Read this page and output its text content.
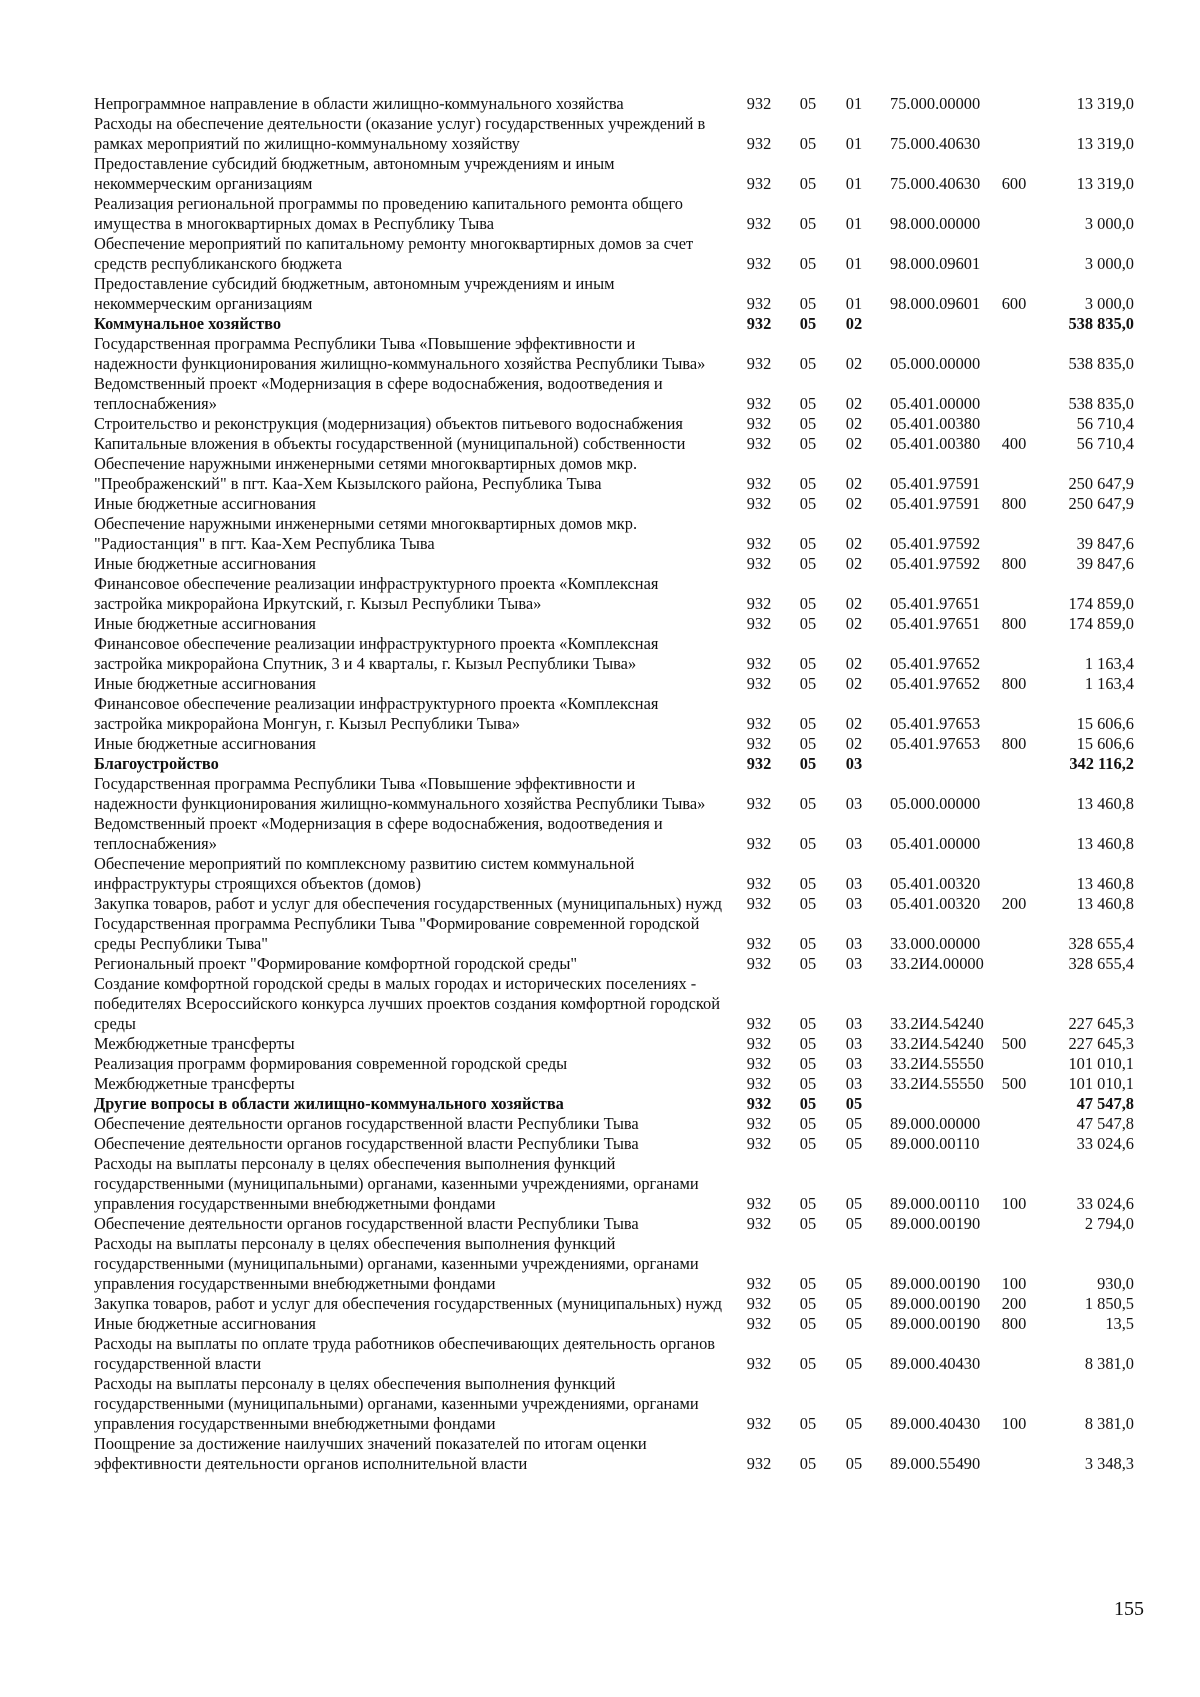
Непрограммное направление в области жилищно-коммунального хозяйства	932	05	01	75.000.00000		13 319,0
Расходы на обеспечение деятельности (оказание услуг) государственных учреждений в рамках мероприятий по жилищно-коммунальному хозяйству	932	05	01	75.000.40630		13 319,0
Предоставление субсидий бюджетным, автономным учреждениям и иным некоммерческим организациям	932	05	01	75.000.40630	600	13 319,0
Реализация региональной программы по проведению капитального ремонта общего имущества в многоквартирных домах в Республику Тыва	932	05	01	98.000.00000		3 000,0
Обеспечение мероприятий по капитальному ремонту многоквартирных домов за счет средств республиканского бюджета	932	05	01	98.000.09601		3 000,0
Предоставление субсидий бюджетным, автономным учреждениям и иным некоммерческим организациям	932	05	01	98.000.09601	600	3 000,0
Коммунальное хозяйство	932	05	02			538 835,0
Государственная программа Республики Тыва «Повышение эффективности и надежности функционирования жилищно-коммунального хозяйства Республики Тыва»	932	05	02	05.000.00000		538 835,0
Ведомственный проект «Модернизация в сфере водоснабжения, водоотведения и теплоснабжения»	932	05	02	05.401.00000		538 835,0
Строительство и реконструкция (модернизация) объектов питьевого водоснабжения	932	05	02	05.401.00380		56 710,4
Капитальные вложения в объекты государственной (муниципальной) собственности	932	05	02	05.401.00380	400	56 710,4
Обеспечение наружными инженерными сетями многоквартирных домов мкр. "Преображенский" в пгт. Каа-Хем Кызылского района, Республика Тыва	932	05	02	05.401.97591		250 647,9
Иные бюджетные ассигнования	932	05	02	05.401.97591	800	250 647,9
Обеспечение наружными инженерными сетями многоквартирных домов мкр. "Радиостанция" в пгт. Каа-Хем Республика Тыва	932	05	02	05.401.97592		39 847,6
Иные бюджетные ассигнования	932	05	02	05.401.97592	800	39 847,6
Финансовое обеспечение реализации инфраструктурного проекта «Комплексная застройка микрорайона Иркутский, г. Кызыл Республики Тыва»	932	05	02	05.401.97651		174 859,0
Иные бюджетные ассигнования	932	05	02	05.401.97651	800	174 859,0
Финансовое обеспечение реализации инфраструктурного проекта «Комплексная застройка микрорайона Спутник, 3 и 4 кварталы, г. Кызыл Республики Тыва»	932	05	02	05.401.97652		1 163,4
Иные бюджетные ассигнования	932	05	02	05.401.97652	800	1 163,4
Финансовое обеспечение реализации инфраструктурного проекта «Комплексная застройка микрорайона Монгун, г. Кызыл Республики Тыва»	932	05	02	05.401.97653		15 606,6
Иные бюджетные ассигнования	932	05	02	05.401.97653	800	15 606,6
Благоустройство	932	05	03			342 116,2
Государственная программа Республики Тыва «Повышение эффективности и надежности функционирования жилищно-коммунального хозяйства Республики Тыва»	932	05	03	05.000.00000		13 460,8
Ведомственный проект «Модернизация в сфере водоснабжения, водоотведения и теплоснабжения»	932	05	03	05.401.00000		13 460,8
Обеспечение мероприятий по комплексному развитию систем коммунальной инфраструктуры строящихся объектов (домов)	932	05	03	05.401.00320		13 460,8
Закупка товаров, работ и услуг для обеспечения государственных (муниципальных) нужд	932	05	03	05.401.00320	200	13 460,8
Государственная программа Республики Тыва "Формирование современной городской среды Республики Тыва"	932	05	03	33.000.00000		328 655,4
Региональный проект "Формирование комфортной городской среды"	932	05	03	33.2И4.00000		328 655,4
Создание комфортной городской среды в малых городах и исторических поселениях - победителях Всероссийского конкурса лучших проектов создания комфортной городской среды	932	05	03	33.2И4.54240		227 645,3
Межбюджетные трансферты	932	05	03	33.2И4.54240	500	227 645,3
Реализация программ формирования современной городской среды	932	05	03	33.2И4.55550		101 010,1
Межбюджетные трансферты	932	05	03	33.2И4.55550	500	101 010,1
Другие вопросы в области жилищно-коммунального хозяйства	932	05	05			47 547,8
Обеспечение деятельности органов государственной власти Республики Тыва	932	05	05	89.000.00000		47 547,8
Обеспечение деятельности органов государственной власти Республики Тыва	932	05	05	89.000.00110		33 024,6
Расходы на выплаты персоналу в целях обеспечения выполнения функций государственными (муниципальными) органами, казенными учреждениями, органами управления государственными внебюджетными фондами	932	05	05	89.000.00110	100	33 024,6
Обеспечение деятельности органов государственной власти Республики Тыва	932	05	05	89.000.00190		2 794,0
Расходы на выплаты персоналу в целях обеспечения выполнения функций государственными (муниципальными) органами, казенными учреждениями, органами управления государственными внебюджетными фондами	932	05	05	89.000.00190	100	930,0
Закупка товаров, работ и услуг для обеспечения государственных (муниципальных) нужд	932	05	05	89.000.00190	200	1 850,5
Иные бюджетные ассигнования	932	05	05	89.000.00190	800	13,5
Расходы на выплаты по оплате труда работников обеспечивающих деятельность органов государственной власти	932	05	05	89.000.40430		8 381,0
Расходы на выплаты персоналу в целях обеспечения выполнения функций государственными (муниципальными) органами, казенными учреждениями, органами управления государственными внебюджетными фондами	932	05	05	89.000.40430	100	8 381,0
Поощрение за достижение наилучших значений показателей по итогам оценки эффективности деятельности органов исполнительной власти	932	05	05	89.000.55490		3 348,3
155
